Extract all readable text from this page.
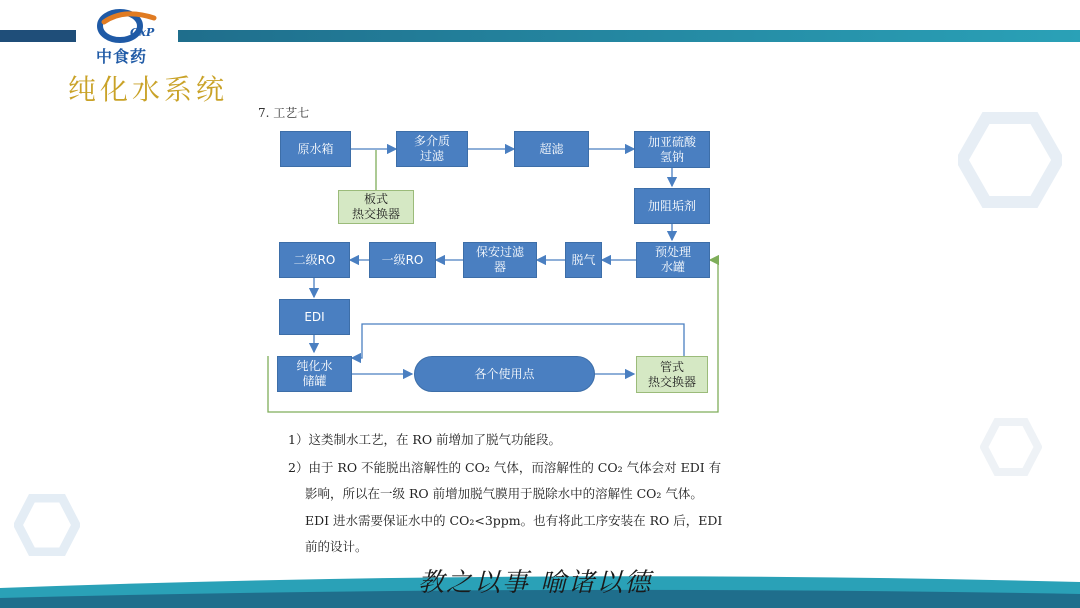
GxP
中食药
纯化水系统
7. 工艺七
原水箱
多介质
过滤
超滤	加亚硫酸
氢钠
板式
热交换器
加阻垢剂
预处理
水罐
脱气
保安过滤
器
一级RO
二级RO
EDI
纯化水
储罐
各个使用点	管式
热交换器
1）这类制水工艺，在 RO 前增加了脱气功能段。
2）由于 RO 不能脱出溶解性的 CO₂ 气体，而溶解性的 CO₂ 气体会对 EDI 有
影响，所以在一级 RO 前增加脱气膜用于脱除水中的溶解性 CO₂ 气体。
EDI 进水需要保证水中的 CO₂<3ppm。也有将此工序安装在 RO 后，EDI
前的设计。
教之以事 喻诸以德
